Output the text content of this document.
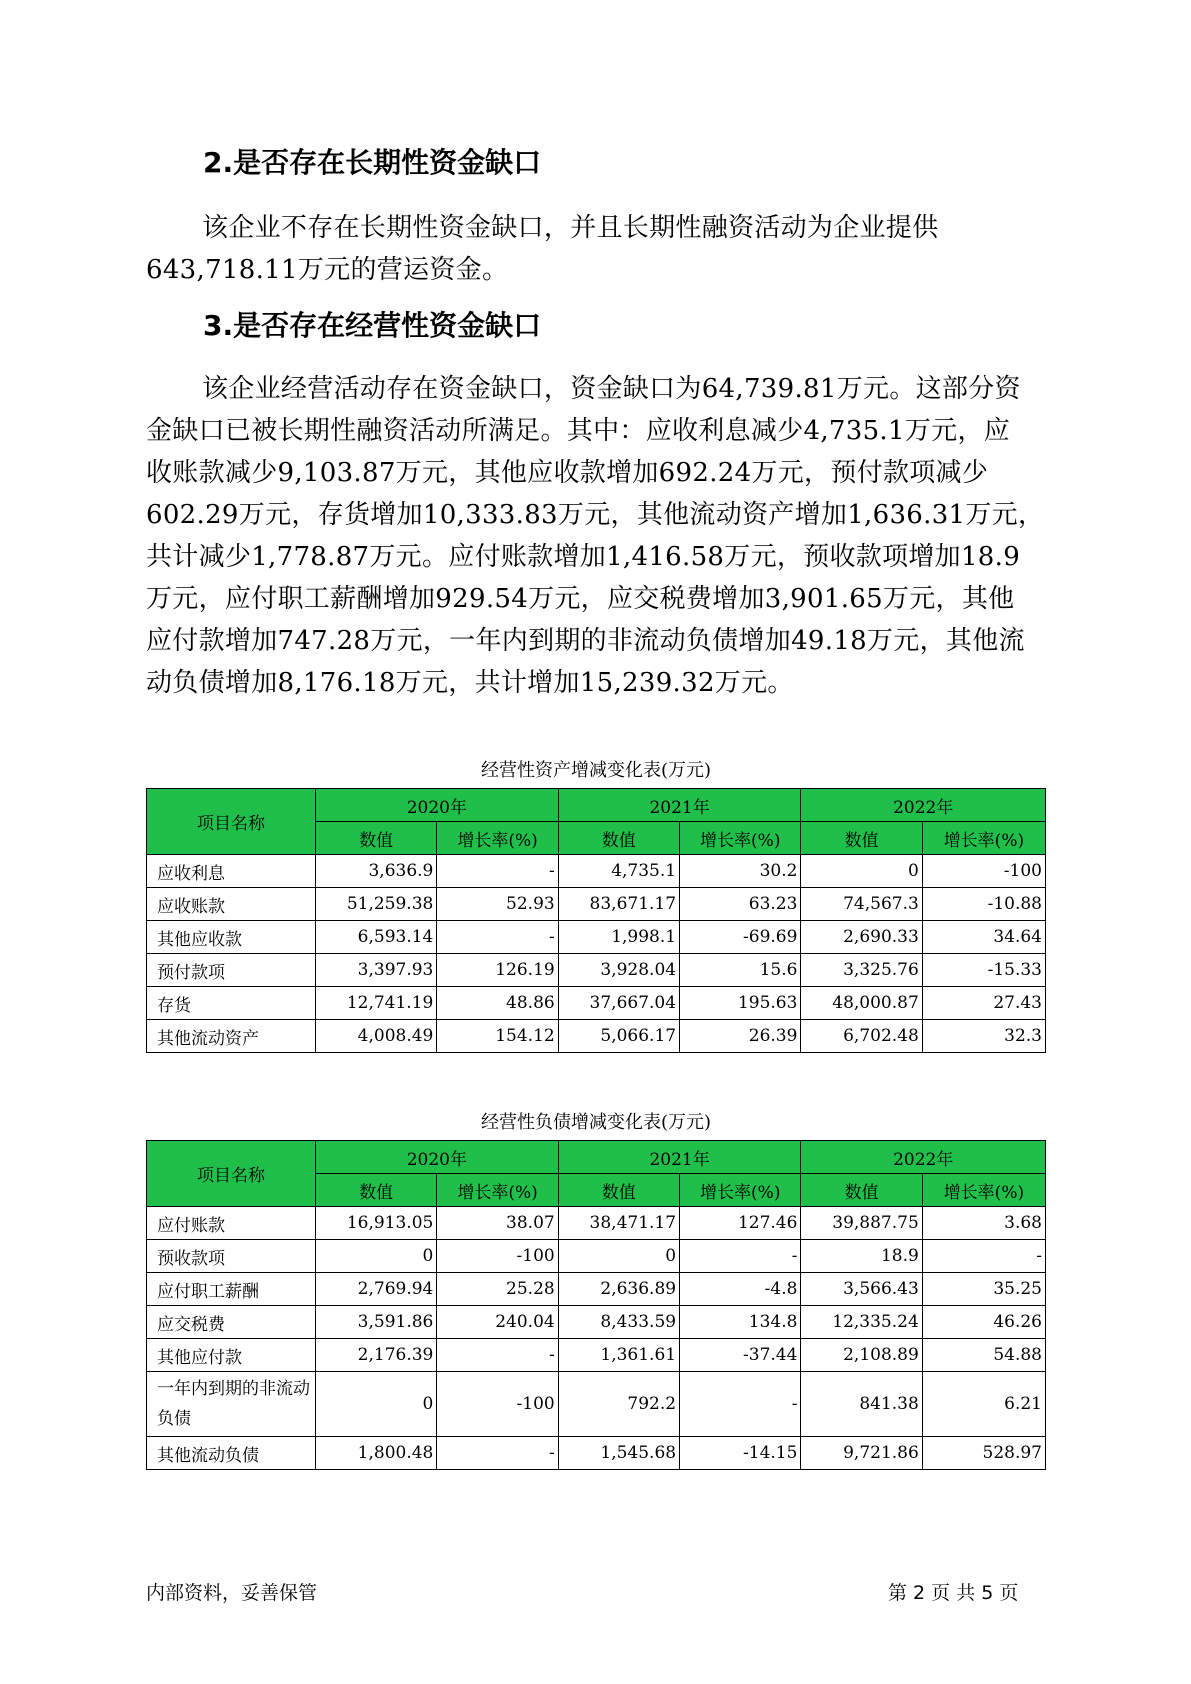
2.是否存在长期性资金缺口

该企业不存在长期性资金缺口，并且长期性融资活动为企业提供
643,718.11万元的营运资金。

3.是否存在经营性资金缺口

该企业经营活动存在资金缺口，资金缺口为64,739.81万元。这部分资
金缺口已被长期性融资活动所满足。其中：应收利息减少4,735.1万元，应
收账款减少9,103.87万元，其他应收款增加692.24万元，预付款项减少
602.29万元，存货增加10,333.83万元，其他流动资产增加1,636.31万元，
共计减少1,778.87万元。应付账款增加1,416.58万元，预收款项增加18.9
万元，应付职工薪酬增加929.54万元，应交税费增加3,901.65万元，其他
应付款增加747.28万元，一年内到期的非流动负债增加49.18万元，其他流
动负债增加8,176.18万元，共计增加15,239.32万元。

经营性资产增减变化表(万元)
项目名称	2020年		2021年		2022年	
	数值	增长率(%)	数值	增长率(%)	数值	增长率(%)
应收利息	3,636.9	-	4,735.1	30.2	0	-100
应收账款	51,259.38	52.93	83,671.17	63.23	74,567.3	-10.88
其他应收款	6,593.14	-	1,998.1	-69.69	2,690.33	34.64
预付款项	3,397.93	126.19	3,928.04	15.6	3,325.76	-15.33
存货	12,741.19	48.86	37,667.04	195.63	48,000.87	27.43
其他流动资产	4,008.49	154.12	5,066.17	26.39	6,702.48	32.3
经营性负债增减变化表(万元)
项目名称	2020年		2021年		2022年	
	数值	增长率(%)	数值	增长率(%)	数值	增长率(%)
应付账款	16,913.05	38.07	38,471.17	127.46	39,887.75	3.68
预收款项	0	-100	0	-	18.9	-
应付职工薪酬	2,769.94	25.28	2,636.89	-4.8	3,566.43	35.25
应交税费	3,591.86	240.04	8,433.59	134.8	12,335.24	46.26
其他应付款	2,176.39	-	1,361.61	-37.44	2,108.89	54.88
一年内到期的非流动负债	0	-100	792.2	-	841.38	6.21
其他流动负债	1,800.48	-	1,545.68	-14.15	9,721.86	528.97
内部资料，妥善保管	第 2 页 共 5 页
